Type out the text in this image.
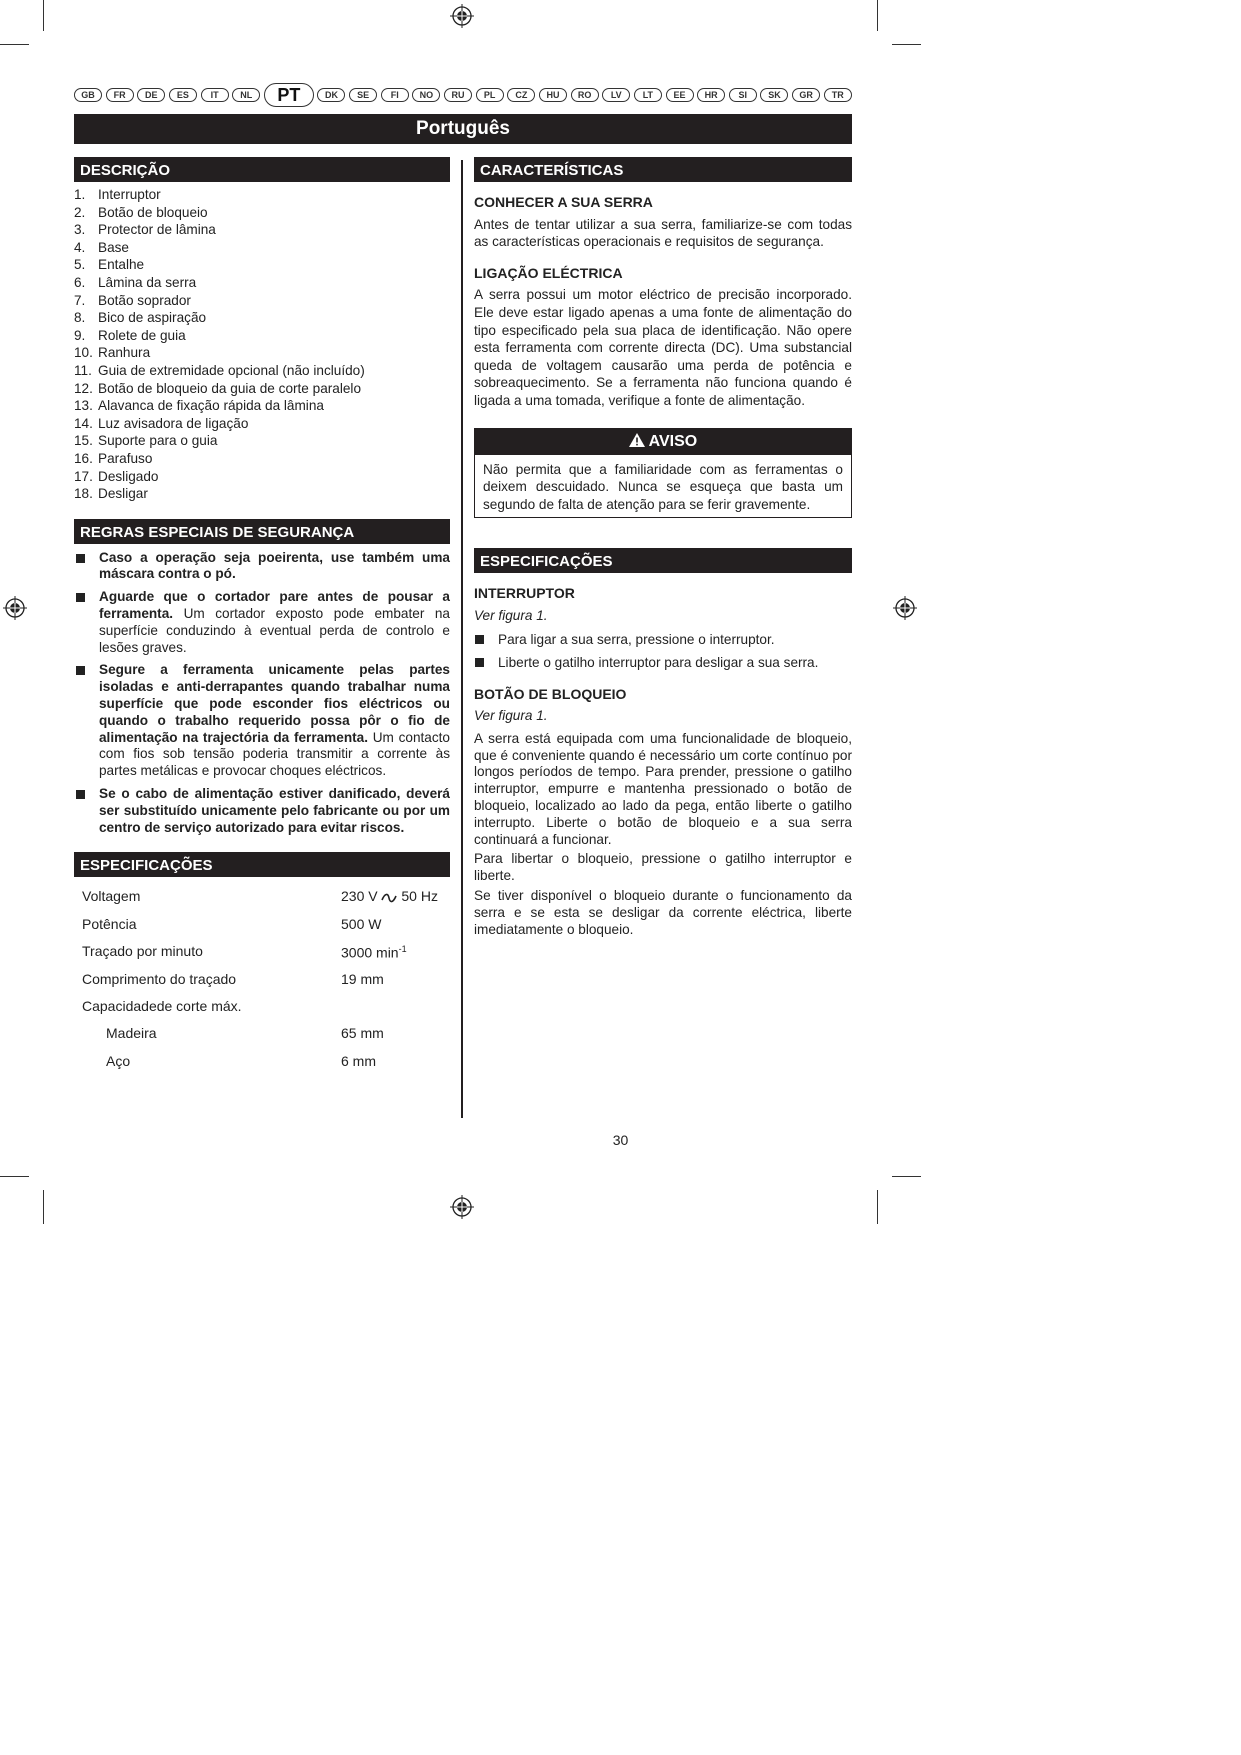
GB	FR	DE	ES	IT	NL	PT	DK	SE	FI	NO	RU	PL	CZ	HU	RO	LV	LT	EE	HR	SI	SK	GR	TR
Português
DESCRIÇÃO
1. Interruptor
2. Botão de bloqueio
3. Protector de lâmina
4. Base
5. Entalhe
6. Lâmina da serra
7. Botão soprador
8. Bico de aspiração
9. Rolete de guia
10. Ranhura
11. Guia de extremidade opcional (não incluído)
12. Botão de bloqueio da guia de corte paralelo
13. Alavanca de fixação rápida da lâmina
14. Luz avisadora de ligação
15. Suporte para o guia
16. Parafuso
17. Desligado
18. Desligar
REGRAS ESPECIAIS DE SEGURANÇA
Caso a operação seja poeirenta, use também uma máscara contra o pó.
Aguarde que o cortador pare antes de pousar a ferramenta. Um cortador exposto pode embater na superfície conduzindo à eventual perda de controlo e lesões graves.
Segure a ferramenta unicamente pelas partes isoladas e anti-derrapantes quando trabalhar numa superfície que pode esconder fios eléctricos ou quando o trabalho requerido possa pôr o fio de alimentação na trajectória da ferramenta. Um contacto com fios sob tensão poderia transmitir a corrente às partes metálicas e provocar choques eléctricos.
Se o cabo de alimentação estiver danificado, deverá ser substituído unicamente pelo fabricante ou por um centro de serviço autorizado para evitar riscos.
ESPECIFICAÇÕES
Voltagem	230 V 50 Hz
Potência	500 W
Traçado por minuto	3000 $\min^{-1}$
Comprimento do traçado	19 mm
Capacidadede corte máx.	
Madeira	65 mm
Aço	6 mm
CARACTERÍSTICAS
CONHECER A SUA SERRA
Antes de tentar utilizar a sua serra, familiarize-se com todas as características operacionais e requisitos de segurança.
LIGAÇÃO ELÉCTRICA
A serra possui um motor eléctrico de precisão incorporado. Ele deve estar ligado apenas a uma fonte de alimentação do tipo especificado pela sua placa de identificação. Não opere esta ferramenta com corrente directa (DC). Uma substancial queda de voltagem causarão uma perda de potência e sobreaquecimento. Se a ferramenta não funciona quando é ligada a uma tomada, verifique a fonte de alimentação.
AVISO
Não permita que a familiaridade com as ferramentas o deixem descuidado. Nunca se esqueça que basta um segundo de falta de atenção para se ferir gravemente.
ESPECIFICAÇÕES
INTERRUPTOR
Ver figura 1.
Para ligar a sua serra, pressione o interruptor.
Liberte o gatilho interruptor para desligar a sua serra.
BOTÃO DE BLOQUEIO
Ver figura 1.
A serra está equipada com uma funcionalidade de bloqueio, que é conveniente quando é necessário um corte contínuo por longos períodos de tempo. Para prender, pressione o gatilho interruptor, empurre e mantenha pressionado o botão de bloqueio, localizado ao lado da pega, então liberte o gatilho interrupto. Liberte o botão de bloqueio e a sua serra continuará a funcionar.
Para libertar o bloqueio, pressione o gatilho interruptor e liberte.
Se tiver disponível o bloqueio durante o funcionamento da serra e se esta se desligar da corrente eléctrica, liberte imediatamente o bloqueio.
30
